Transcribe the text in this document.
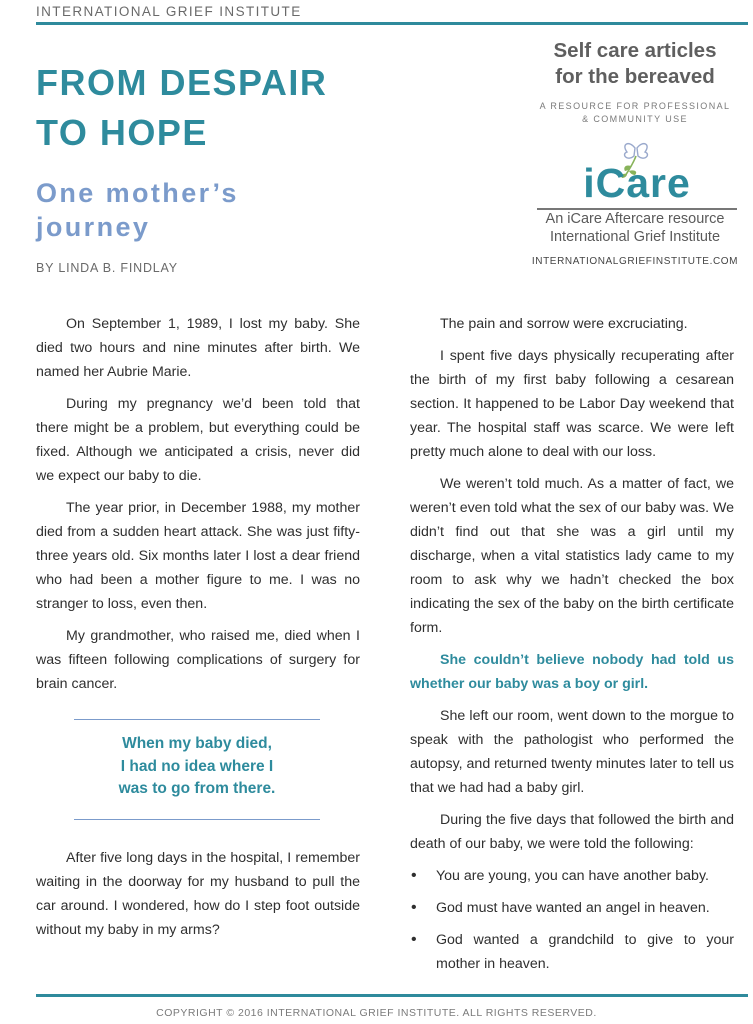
INTERNATIONAL GRIEF INSTITUTE
FROM DESPAIR
TO HOPE
One mother’s journey
BY LINDA B. FINDLAY
Self care articles
for the bereaved
A RESOURCE FOR PROFESSIONAL
& COMMUNITY USE
iCare
An iCare Aftercare resource
International Grief Institute
INTERNATIONALGRIEFINSTITUTE.COM

On September 1, 1989, I lost my baby. She died two hours and nine minutes after birth. We named her Aubrie Marie.

During my pregnancy we’d been told that there might be a problem, but everything could be fixed. Although we anticipated a crisis, never did we expect our baby to die.

The year prior, in December 1988, my mother died from a sudden heart attack. She was just fifty-three years old. Six months later I lost a dear friend who had been a mother figure to me. I was no stranger to loss, even then.

My grandmother, who raised me, died when I was fifteen following complications of surgery for brain cancer.

After five long days in the hospital, I remember waiting in the doorway for my husband to pull the car around. I wondered, how do I step foot outside without my baby in my arms?

When my baby died,
I had no idea where I
was to go from there.

The pain and sorrow were excruciating.

I spent five days physically recuperating after the birth of my first baby following a cesarean section. It happened to be Labor Day weekend that year. The hospital staff was scarce. We were left pretty much alone to deal with our loss.

We weren’t told much. As a matter of fact, we weren’t even told what the sex of our baby was. We didn’t find out that she was a girl until my discharge, when a vital statistics lady came to my room to ask why we hadn’t checked the box indicating the sex of the baby on the birth certificate form.

She couldn’t believe nobody had told us whether our baby was a boy or girl.

She left our room, went down to the morgue to speak with the pathologist who performed the autopsy, and returned twenty minutes later to tell us that we had had a baby girl.

During the five days that followed the birth and death of our baby, we were told the following:

• You are young, you can have another baby.
• God must have wanted an angel in heaven.
• God wanted a grandchild to give to your mother in heaven.
COPYRIGHT © 2016 INTERNATIONAL GRIEF INSTITUTE. ALL RIGHTS RESERVED.
